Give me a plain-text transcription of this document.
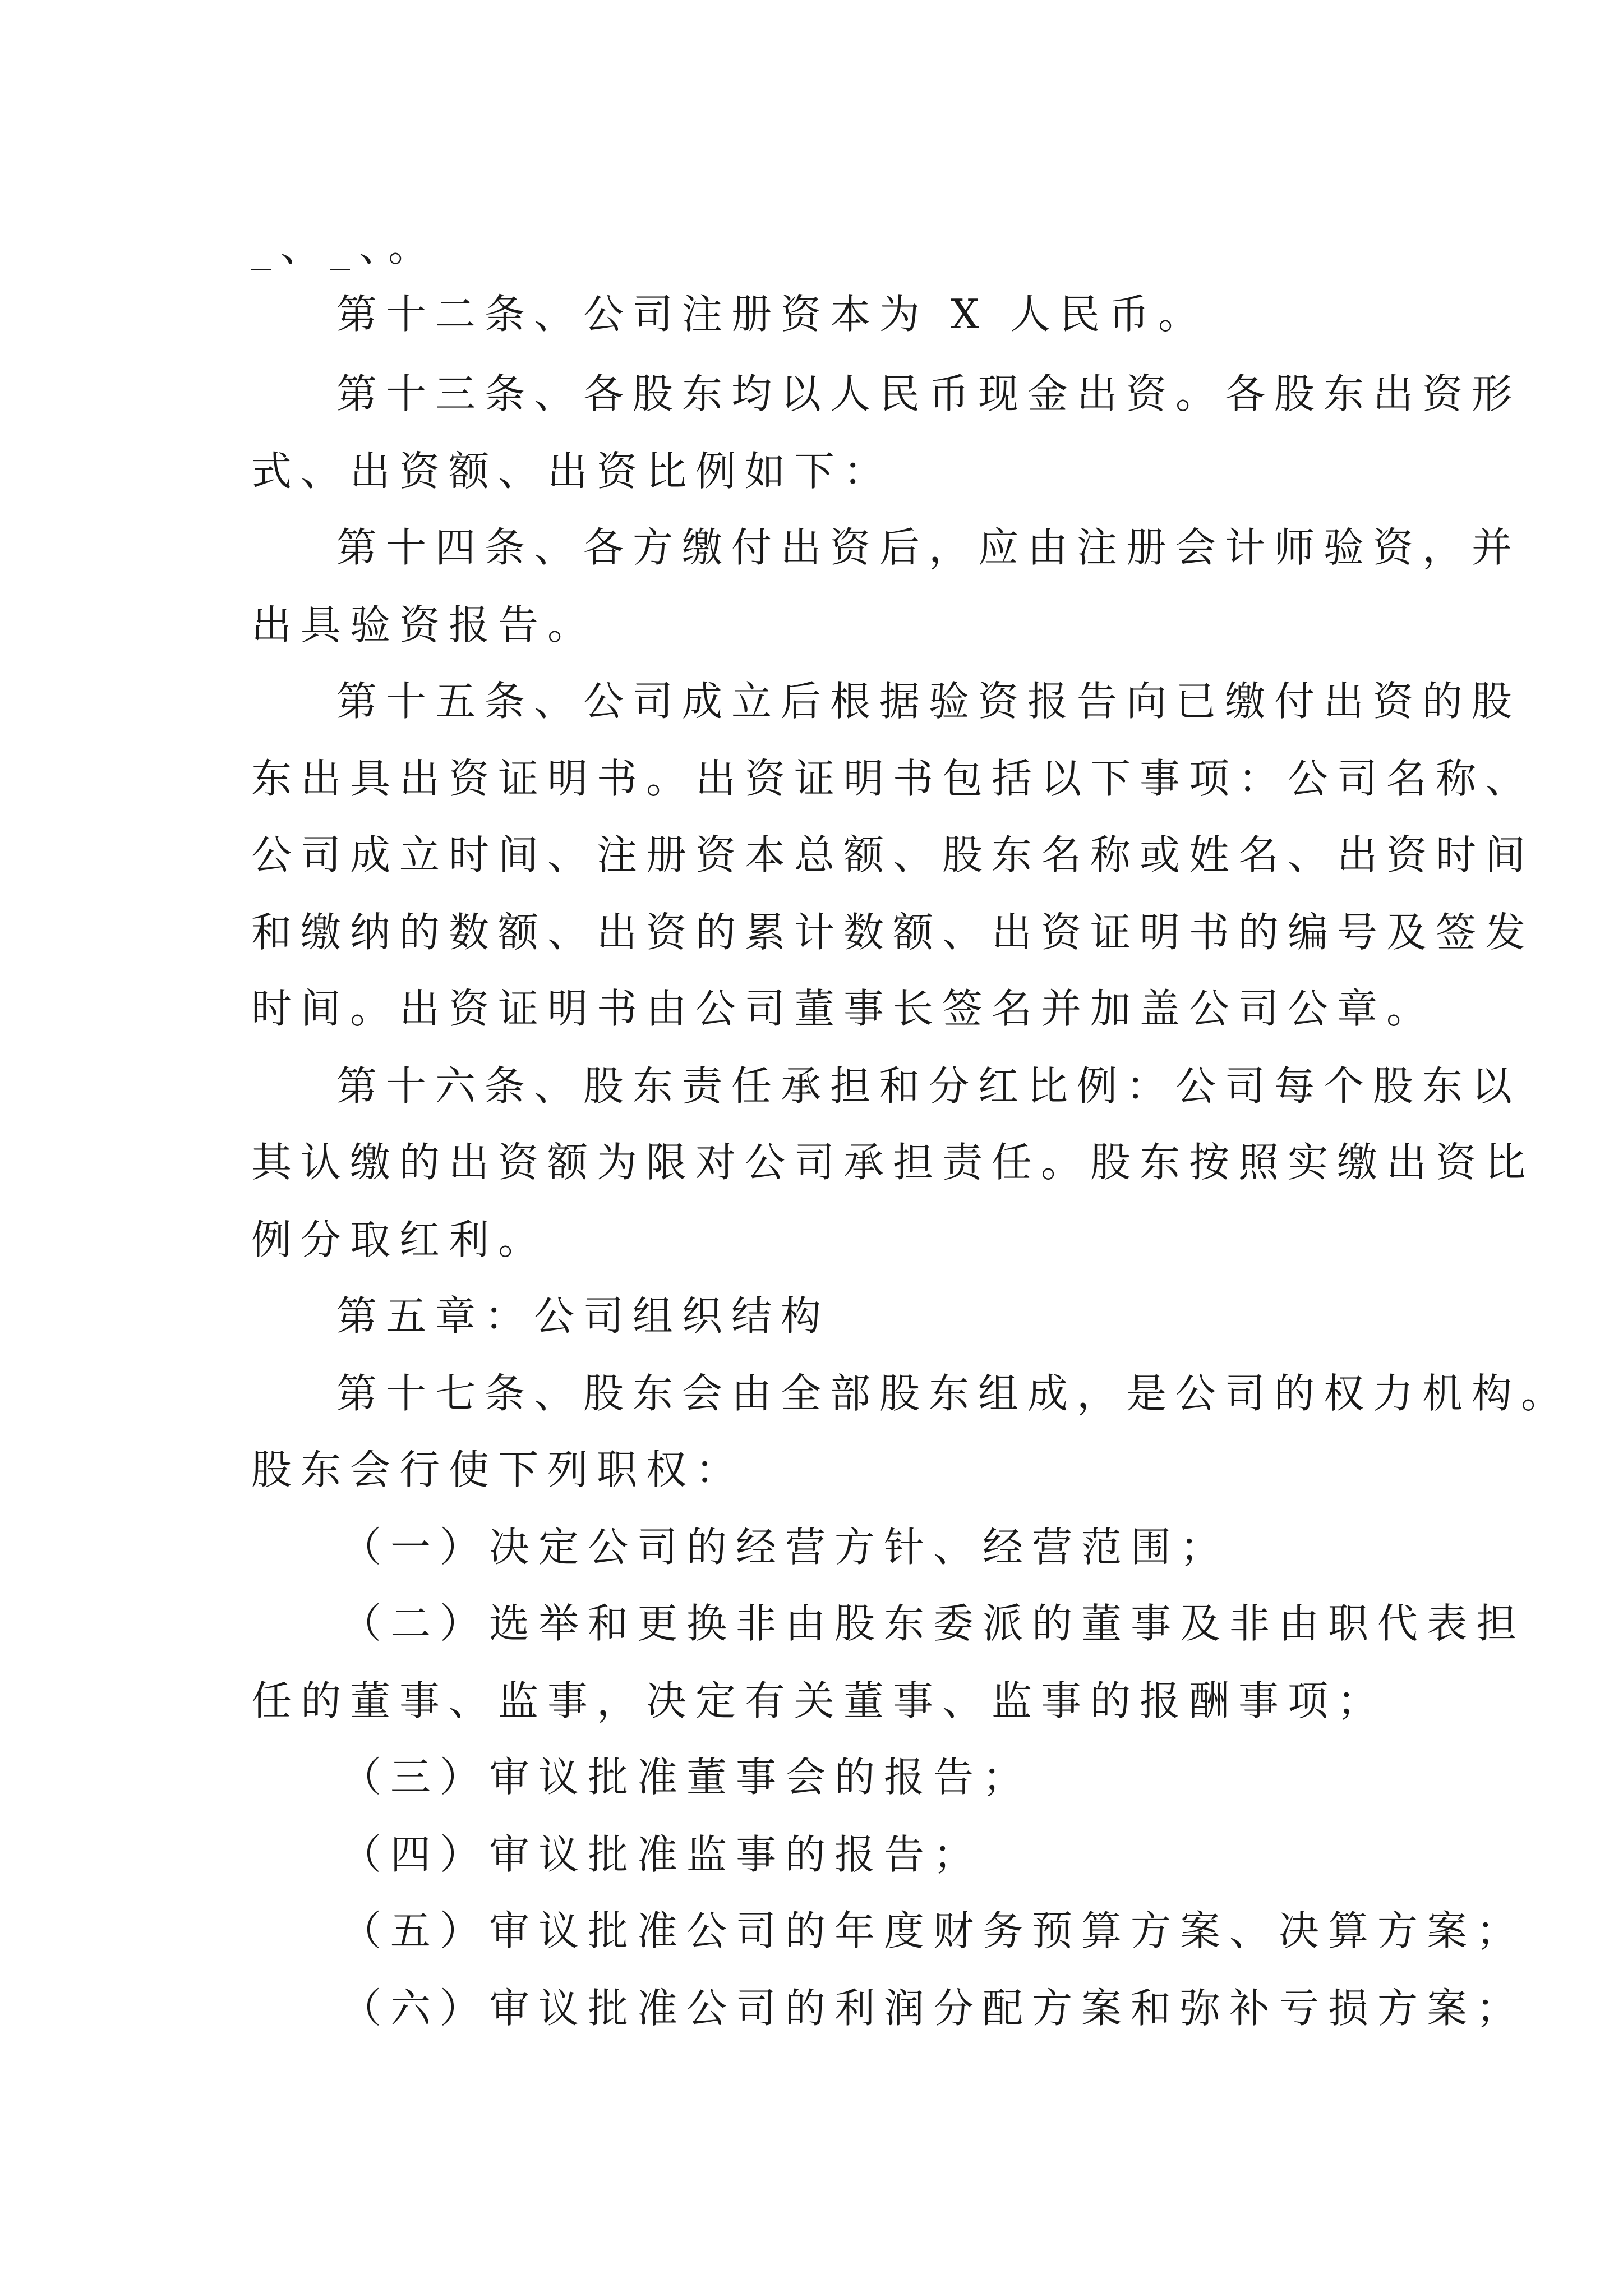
_、_、。

第十二条、公司注册资本为 X 人民币。

第十三条、各股东均以人民币现金出资。各股东出资形

式、出资额、出资比例如下：

第十四条、各方缴付出资后，应由注册会计师验资，并

出具验资报告。

第十五条、公司成立后根据验资报告向已缴付出资的股

东出具出资证明书。出资证明书包括以下事项：公司名称、

公司成立时间、注册资本总额、股东名称或姓名、出资时间

和缴纳的数额、出资的累计数额、出资证明书的编号及签发

时间。出资证明书由公司董事长签名并加盖公司公章。

第十六条、股东责任承担和分红比例：公司每个股东以

其认缴的出资额为限对公司承担责任。股东按照实缴出资比

例分取红利。

第五章：公司组织结构

第十七条、股东会由全部股东组成，是公司的权力机构。

股东会行使下列职权：

（一）决定公司的经营方针、经营范围；

（二）选举和更换非由股东委派的董事及非由职代表担

任的董事、监事，决定有关董事、监事的报酬事项；

（三）审议批准董事会的报告；

（四）审议批准监事的报告；

（五）审议批准公司的年度财务预算方案、决算方案；

（六）审议批准公司的利润分配方案和弥补亏损方案；
